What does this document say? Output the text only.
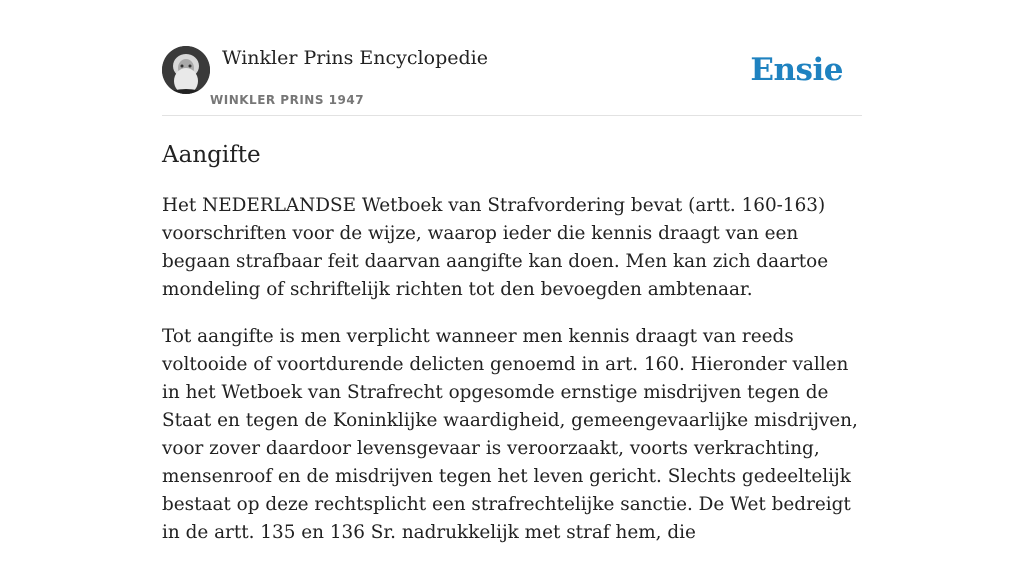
Winkler Prins Encyclopedie
WINKLER PRINS 1947
Ensie
Aangifte

Het NEDERLANDSE Wetboek van Strafvordering bevat (artt. 160-163) voorschriften voor de wijze, waarop ieder die kennis draagt van een begaan strafbaar feit daarvan aangifte kan doen. Men kan zich daartoe mondeling of schriftelijk richten tot den bevoegden ambtenaar.

Tot aangifte is men verplicht wanneer men kennis draagt van reeds voltooide of voortdurende delicten genoemd in art. 160. Hieronder vallen in het Wetboek van Strafrecht opgesomde ernstige misdrijven tegen de Staat en tegen de Koninklijke waardigheid, gemeengevaarlijke misdrijven, voor zover daardoor levensgevaar is veroorzaakt, voorts verkrachting, mensenroof en de misdrijven tegen het leven gericht. Slechts gedeeltelijk bestaat op deze rechtsplicht een strafrechtelijke sanctie. De Wet bedreigt in de artt. 135 en 136 Sr. nadrukkelijk met straf hem, die
